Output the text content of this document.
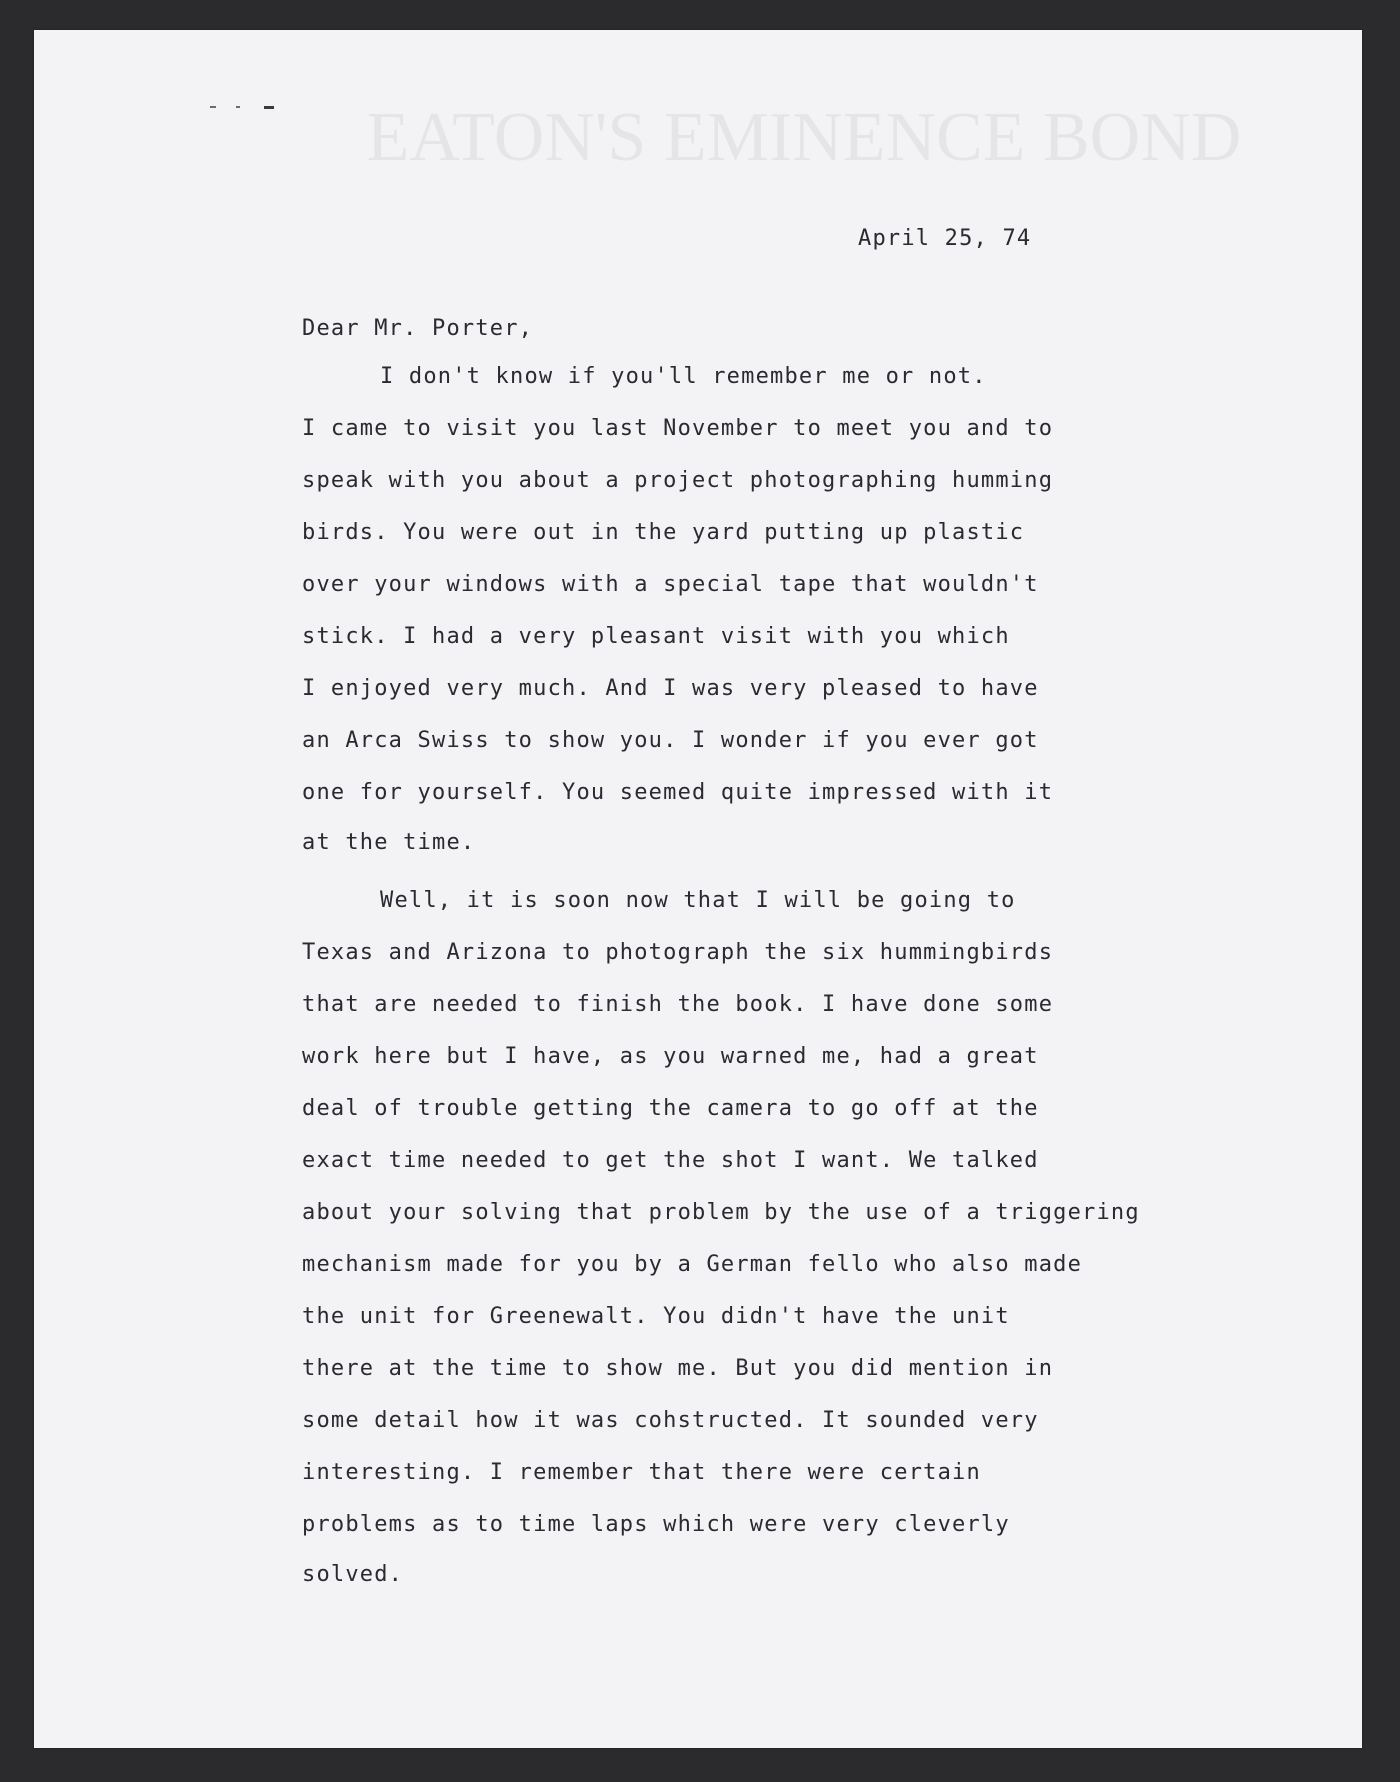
EATON'S EMINENCE BOND

April 25, 74

Dear Mr. Porter,

I don't know if you'll remember me or not.

I came to visit you last November to meet you and to

speak with you about a project photographing humming

birds. You were out in the yard putting up plastic

over your windows with a special tape that wouldn't

stick. I had a very pleasant visit with you which

I enjoyed very much. And I was very pleased to have

an Arca Swiss to show you. I wonder if you ever got

one for yourself. You seemed quite impressed with it

at the time.

Well, it is soon now that I will be going to

Texas and Arizona to photograph the six hummingbirds

that are needed to finish the book. I have done some

work here but I have, as you warned me, had a great

deal of trouble getting the camera to go off at the

exact time needed to get the shot I want. We talked

about your solving that problem by the use of a triggering

mechanism made for you by a German fello who also made

the unit for Greenewalt. You didn't have the unit

there at the time to show me. But you did mention in

some detail how it was cohstructed. It sounded very

interesting. I remember that there were certain

problems as to time laps which were very cleverly

solved.
